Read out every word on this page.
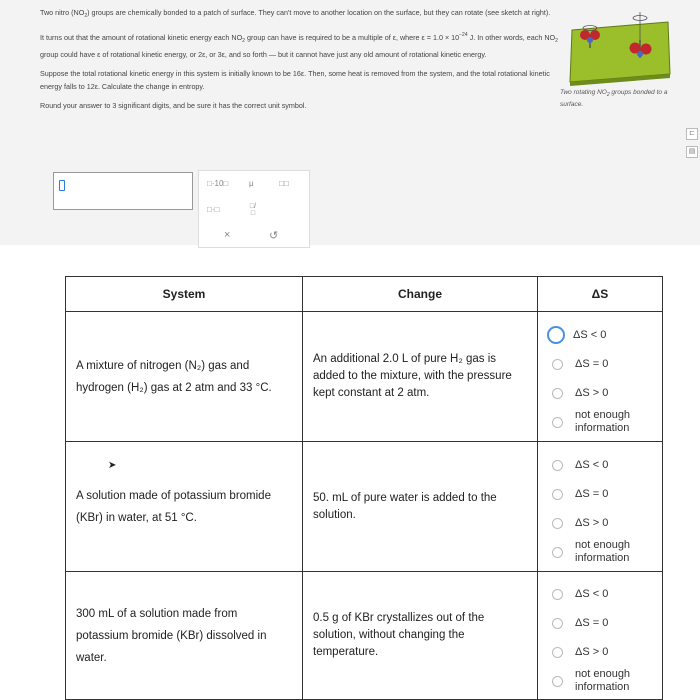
Two nitro $(NO_2)$ groups are chemically bonded to a patch of surface. They can't move to another location on the surface, but they can rotate (see sketch at right).

It turns out that the amount of rotational kinetic energy each $NO_2$ group can have is required to be a multiple of ε, where $\varepsilon = 1.0 \times 10^{-24}$ J. In other words, each $NO_2$ group could have ε of rotational kinetic energy, or 2ε, or 3ε, and so forth — but it cannot have just any old amount of rotational kinetic energy.

Suppose the total rotational kinetic energy in this system is initially known to be 16ε. Then, some heat is removed from the system, and the total rotational kinetic energy falls to 12ε. Calculate the change in entropy.

Round your answer to 3 significant digits, and be sure it has the correct unit symbol.

Two rotating $NO_2$ groups bonded to a surface.
⊏
▤
□·10□	μ	□□
□·□	□/□
×	↺
System	Change	ΔS
A mixture of nitrogen (N₂) gas and hydrogen (H₂) gas at 2 atm and 33 °C.	An additional 2.0 L of pure H₂ gas is added to the mixture, with the pressure kept constant at 2 atm.	ΔS < 0
ΔS = 0
ΔS > 0
not enough information

A solution made of potassium bromide (KBr) in water, at 51 °C.	50. mL of pure water is added to the solution.	ΔS < 0
ΔS = 0
ΔS > 0
not enough information

300 mL of a solution made from potassium bromide (KBr) dissolved in water.	0.5 g of KBr crystallizes out of the solution, without changing the temperature.	ΔS < 0
ΔS = 0
ΔS > 0
not enough information
➤
